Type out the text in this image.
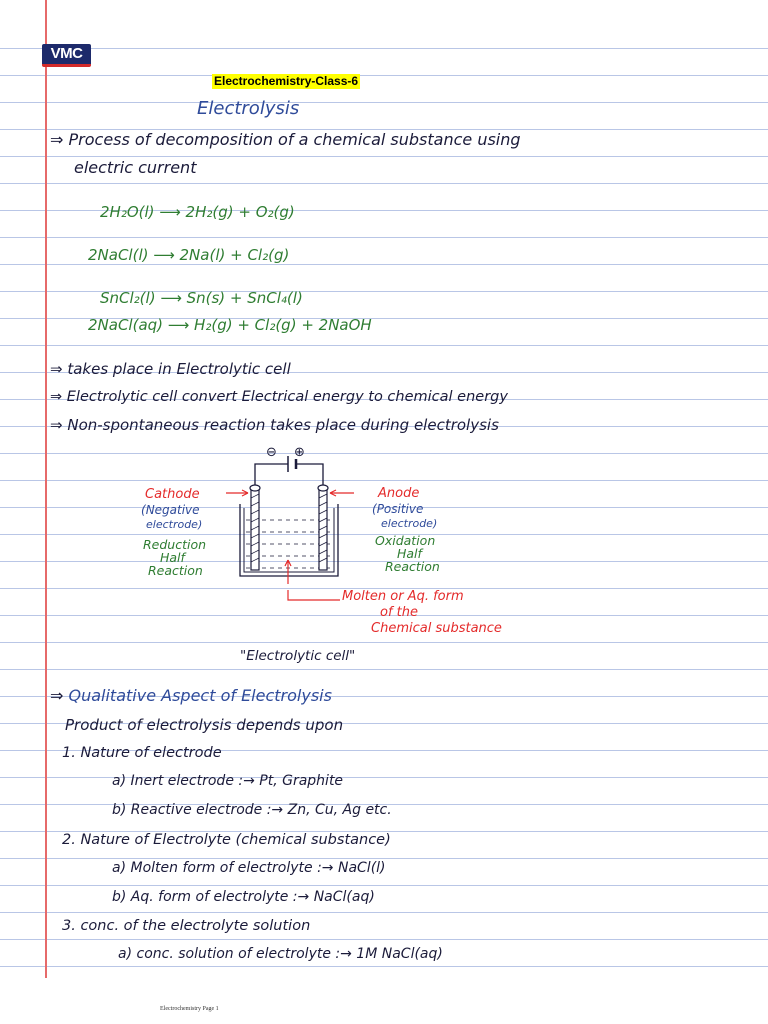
VMC
Electrochemistry-Class-6
Electrolysis
⇒ Process of decomposition of a chemical substance using
electric current
2H₂O(l) ⟶ 2H₂(g) + O₂(g)
2NaCl(l) ⟶ 2Na(l) + Cl₂(g)
SnCl₂(l) ⟶ Sn(s) + SnCl₄(l)
2NaCl(aq) ⟶ H₂(g) + Cl₂(g) + 2NaOH
⇒ takes place in Electrolytic cell
⇒ Electrolytic cell convert Electrical energy to chemical energy
⇒ Non-spontaneous reaction takes place during electrolysis
⊖ ⊕
Cathode
(Negative
electrode)
Reduction
Half
Reaction
Anode
(Positive
electrode)
Oxidation
Half
Reaction
Molten or Aq. form
of the
Chemical substance
"Electrolytic cell"
⇒ Qualitative Aspect of Electrolysis
Product of electrolysis depends upon
1. Nature of electrode
a) Inert electrode :→ Pt, Graphite
b) Reactive electrode :→ Zn, Cu, Ag etc.
2. Nature of Electrolyte (chemical substance)
a) Molten form of electrolyte :→ NaCl(l)
b) Aq. form of electrolyte :→ NaCl(aq)
3. conc. of the electrolyte solution
a) conc. solution of electrolyte :→ 1M NaCl(aq)
Electrochemistry Page 1
